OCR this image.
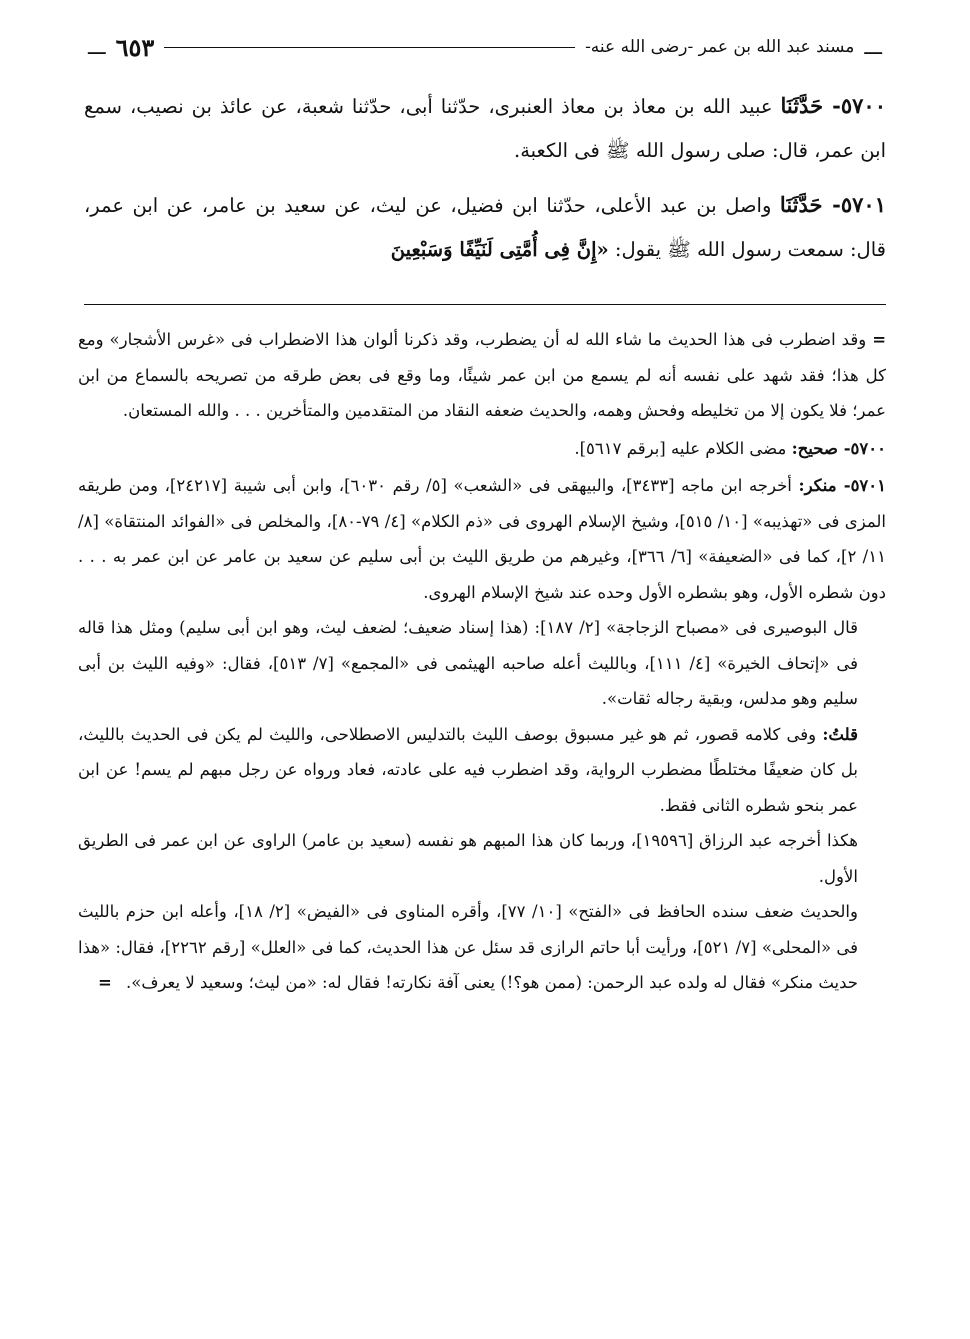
ـــ
مسند عبد الله بن عمر -رضى الله عنه-
٦٥٣
ـــ

٥٧٠٠- حَدَّثَنَا عبيد الله بن معاذ بن معاذ العنبرى، حدّثنا أبى، حدّثنا شعبة، عن عائذ بن نصيب، سمع ابن عمر، قال: صلى رسول الله ﷺ فى الكعبة.

٥٧٠١- حَدَّثَنَا واصل بن عبد الأعلى، حدّثنا ابن فضيل، عن ليث، عن سعيد بن عامر، عن ابن عمر، قال: سمعت رسول الله ﷺ يقول: «إِنَّ فِى أُمَّتِى لَنَيِّفًا وَسَبْعِينَ

= وقد اضطرب فى هذا الحديث ما شاء الله له أن يضطرب، وقد ذكرنا ألوان هذا الاضطراب فى «غرس الأشجار» ومع كل هذا؛ فقد شهد على نفسه أنه لم يسمع من ابن عمر شيئًا، وما وقع فى بعض طرقه من تصريحه بالسماع من ابن عمر؛ فلا يكون إلا من تخليطه وفحش وهمه، والحديث ضعفه النقاد من المتقدمين والمتأخرين . . . والله المستعان.

٥٧٠٠- صحيح: مضى الكلام عليه [برقم ٥٦١٧].

٥٧٠١- منكر: أخرجه ابن ماجه [٣٤٣٣]، والبيهقى فى «الشعب» [٥/ رقم ٦٠٣٠]، وابن أبى شيبة [٢٤٢١٧]، ومن طريقه المزى فى «تهذيبه» [١٠/ ٥١٥]، وشيخ الإسلام الهروى فى «ذم الكلام» [٤/ ٧٩-٨٠]، والمخلص فى «الفوائد المنتقاة» [٨/ ١١/ ٢]، كما فى «الضعيفة» [٦/ ٣٦٦]، وغيرهم من طريق الليث بن أبى سليم عن سعيد بن عامر عن ابن عمر به . . . دون شطره الأول، وهو بشطره الأول وحده عند شيخ الإسلام الهروى.

قال البوصيرى فى «مصباح الزجاجة» [٢/ ١٨٧]: (هذا إسناد ضعيف؛ لضعف ليث، وهو ابن أبى سليم) ومثل هذا قاله فى «إتحاف الخيرة» [٤/ ١١١]، وبالليث أعله صاحبه الهيثمى فى «المجمع» [٧/ ٥١٣]، فقال: «وفيه الليث بن أبى سليم وهو مدلس، وبقية رجاله ثقات».

قلتُ: وفى كلامه قصور، ثم هو غير مسبوق بوصف الليث بالتدليس الاصطلاحى، والليث لم يكن فى الحديث بالليث، بل كان ضعيفًا مختلطًا مضطرب الرواية، وقد اضطرب فيه على عادته، فعاد ورواه عن رجل مبهم لم يسم! عن ابن عمر بنحو شطره الثانى فقط.

هكذا أخرجه عبد الرزاق [١٩٥٩٦]، وربما كان هذا المبهم هو نفسه (سعيد بن عامر) الراوى عن ابن عمر فى الطريق الأول.

والحديث ضعف سنده الحافظ فى «الفتح» [١٠/ ٧٧]، وأقره المناوى فى «الفيض» [٢/ ١٨]، وأعله ابن حزم بالليث فى «المحلى» [٧/ ٥٢١]، ورأيت أبا حاتم الرازى قد سئل عن هذا الحديث، كما فى «العلل» [رقم ٢٢٦٢]، فقال: «هذا حديث منكر» فقال له ولده عبد الرحمن: (ممن هو؟!) يعنى آفة نكارته! فقال له: «من ليث؛ وسعيد لا يعرف».
=
